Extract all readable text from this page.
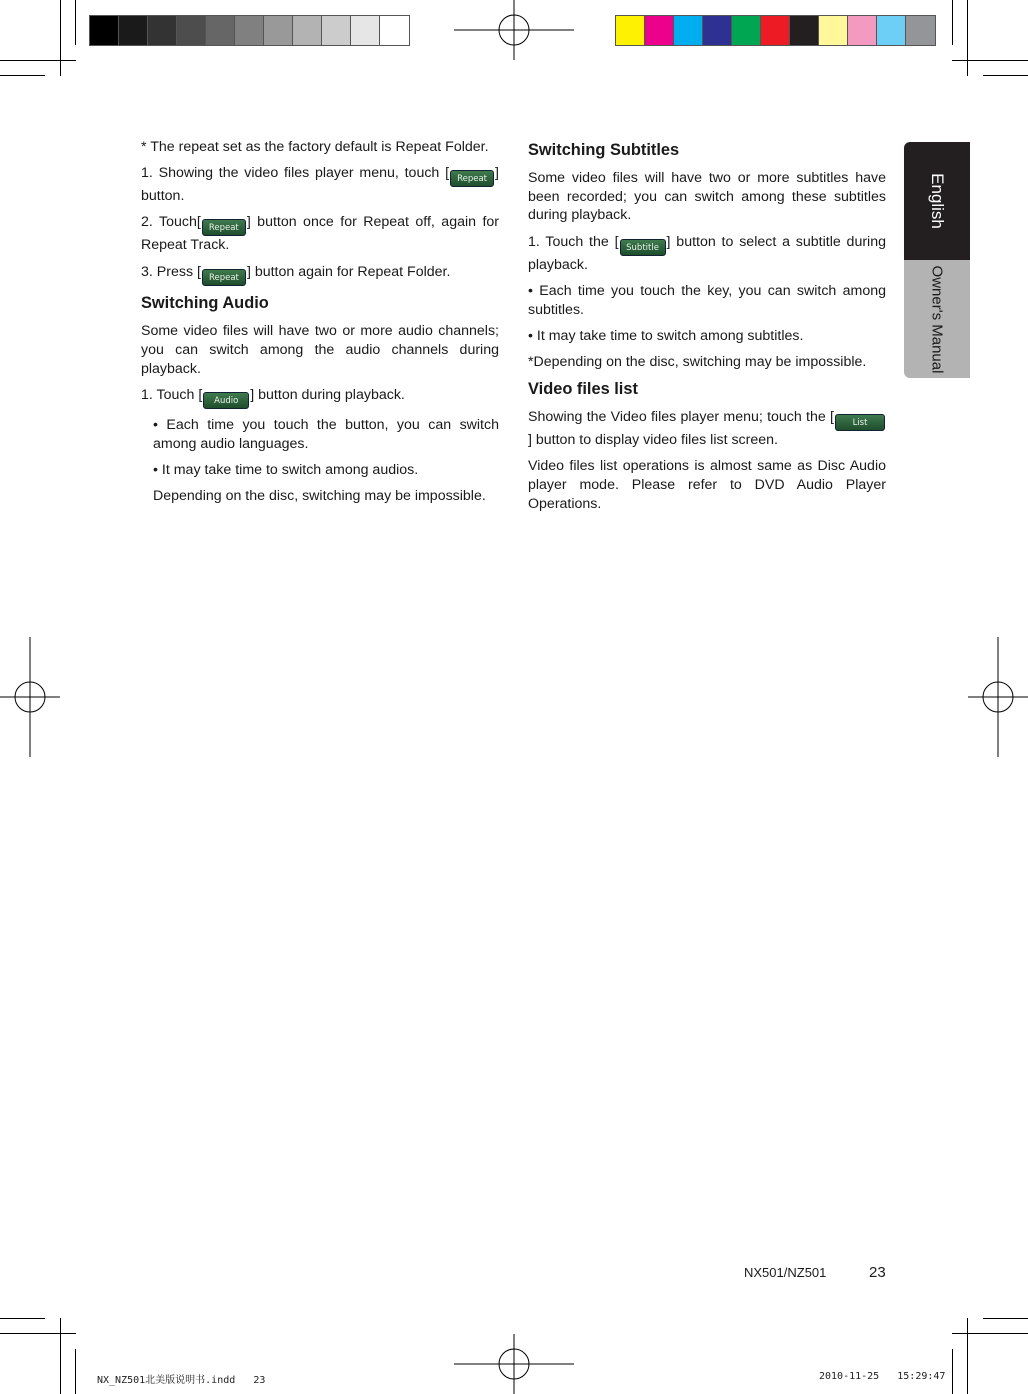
* The repeat set as the factory default is Repeat Folder.

1. Showing the video files player menu, touch [ Repeat ] button.

2. Touch[ Repeat ] button once for Repeat off, again for Repeat Track.

3. Press [ Repeat ] button again for Repeat Folder.

Switching Audio

Some video files will have two or more audio channels; you can switch among the audio channels during playback.

1. Touch [ Audio ] button during playback.

• Each time you touch the button, you can switch among audio languages.

• It may take time to switch among audios.

Depending on the disc, switching may be impossible.

Switching Subtitles

Some video files will have two or more subtitles have been recorded; you can switch among these subtitles during playback.

1. Touch the [ Subtitle ] button to select a subtitle during playback.

• Each time you touch the key, you can switch among subtitles.

• It may take time to switch among subtitles.

*Depending on the disc, switching may be impossible.

Video files list

Showing the Video files player menu; touch the [ List] button to display video files list screen.

Video files list operations is almost same as Disc Audio player mode. Please refer to DVD Audio Player Operations.

English
Owner's Manual
NX501/NZ501	23
NX_NZ501北美版说明书.indd   23	2010-11-25   15:29:47
